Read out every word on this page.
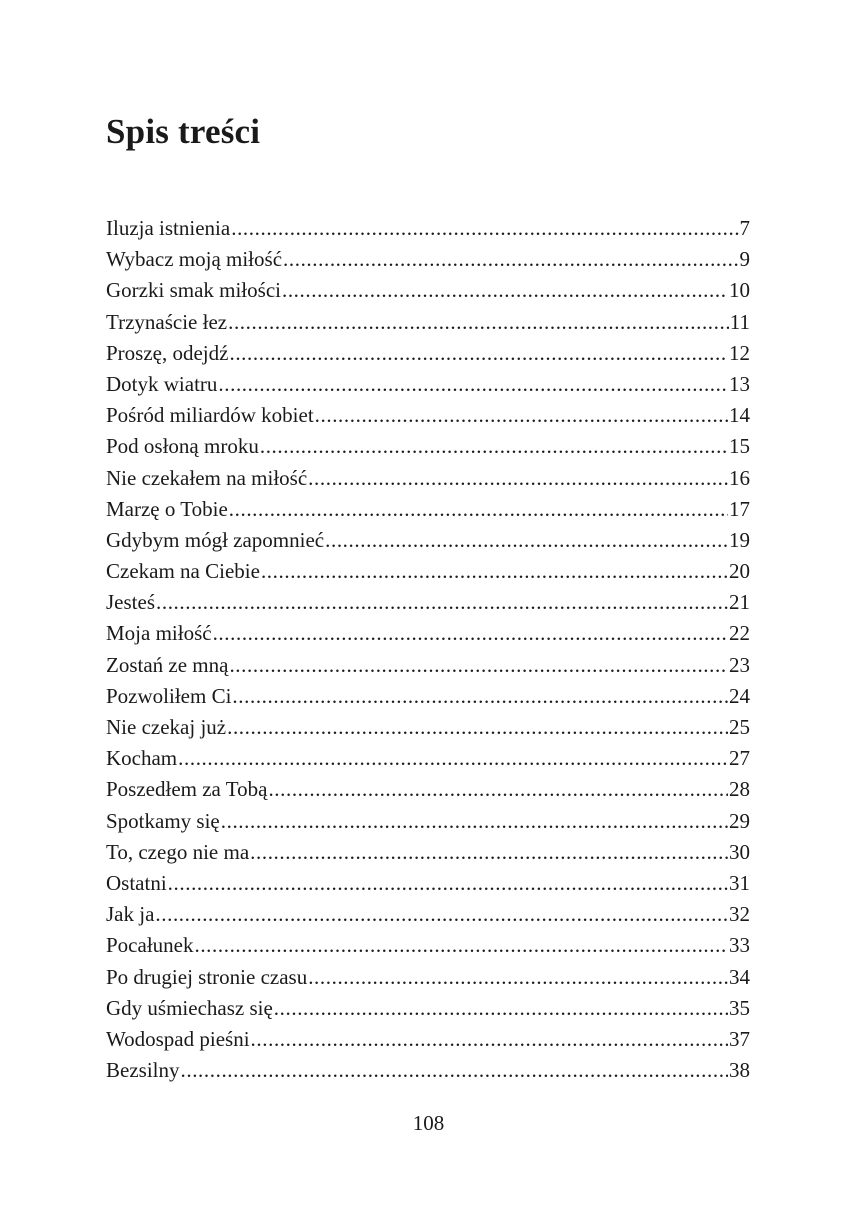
Spis treści
Iluzja istnienia .....	7
Wybacz moją miłość .....	9
Gorzki smak miłości .....	10
Trzynaście łez .....	11
Proszę, odejdź .....	12
Dotyk wiatru .....	13
Pośród miliardów kobiet .....	14
Pod osłoną mroku .....	15
Nie czekałem na miłość .....	16
Marzę o Tobie .....	17
Gdybym mógł zapomnieć .....	19
Czekam na Ciebie .....	20
Jesteś .....	21
Moja miłość .....	22
Zostań ze mną .....	23
Pozwoliłem Ci .....	24
Nie czekaj już .....	25
Kocham .....	27
Poszedłem za Tobą .....	28
Spotkamy się .....	29
To, czego nie ma .....	30
Ostatni .....	31
Jak ja .....	32
Pocałunek .....	33
Po drugiej stronie czasu .....	34
Gdy uśmiechasz się .....	35
Wodospad pieśni .....	37
Bezsilny .....	38
108
